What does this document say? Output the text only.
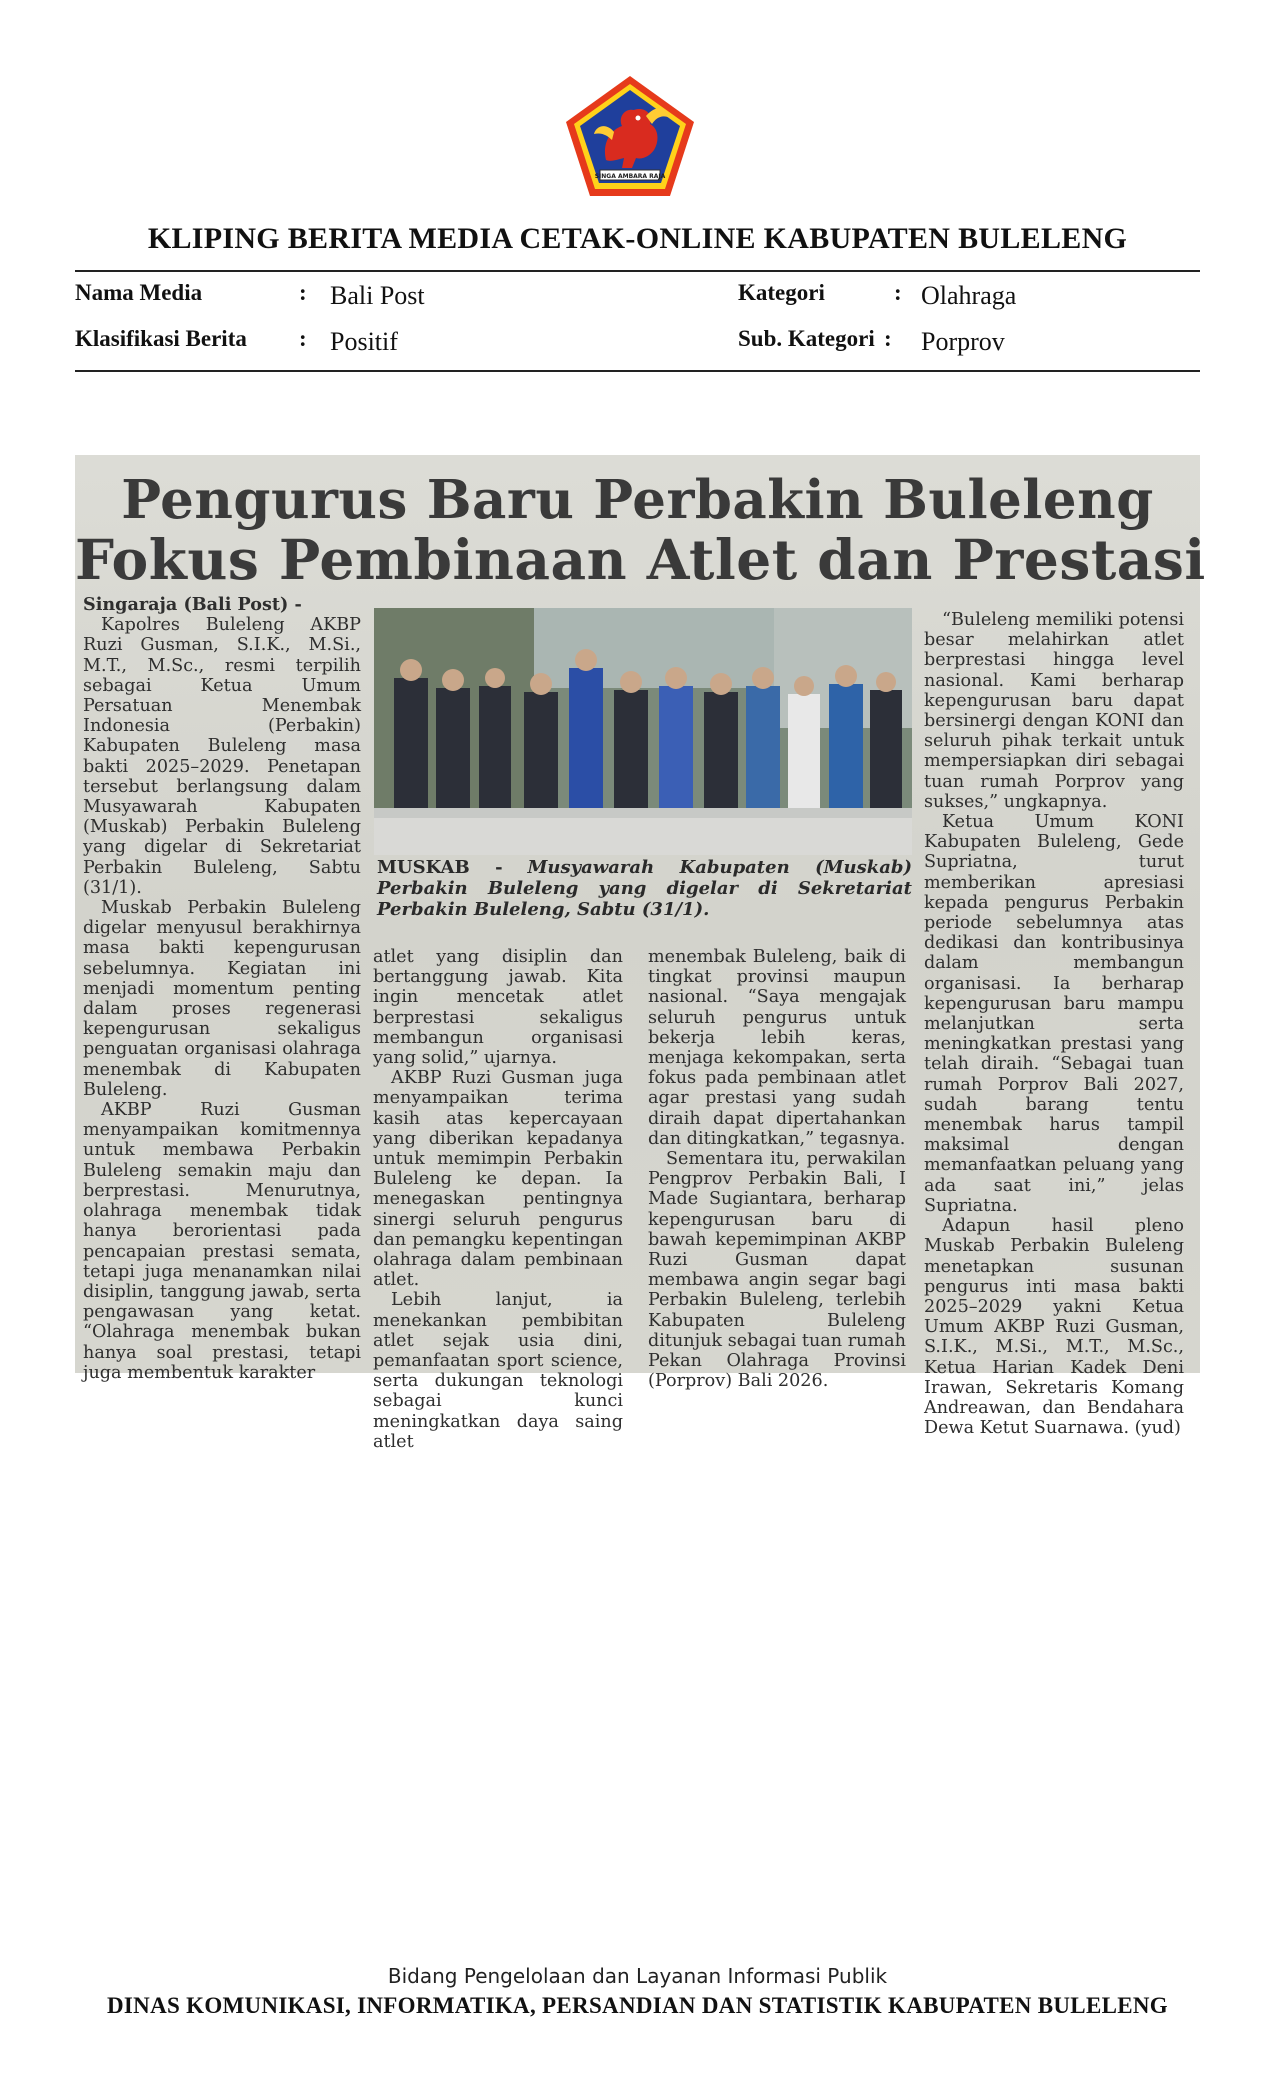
SINGA AMBARA RAJA
KLIPING BERITA MEDIA CETAK-ONLINE KABUPATEN BULELENG
Nama Media	: Bali Post
Klasifikasi Berita : Positif
Kategori	: Olahraga
Sub. Kategori : Porprov
Pengurus Baru Perbakin Buleleng
Fokus Pembinaan Atlet dan Prestasi

Singaraja (Bali Post) -

Kapolres Buleleng AKBP Ruzi Gusman, S.I.K., M.Si., M.T., M.Sc., resmi terpilih sebagai Ketua Umum Persatuan Menembak Indonesia (Perbakin) Kabupaten Buleleng masa bakti 2025–2029. Penetapan tersebut berlangsung dalam Musyawarah Kabupaten (Muskab) Perbakin Buleleng yang digelar di Sekretariat Perbakin Buleleng, Sabtu (31/1).

Muskab Perbakin Buleleng digelar menyusul berakhirnya masa bakti kepengurusan sebelumnya. Kegiatan ini menjadi momentum penting dalam proses regenerasi kepengurusan sekaligus penguatan organisasi olahraga menembak di Kabupaten Buleleng.

AKBP Ruzi Gusman menyampaikan komitmennya untuk membawa Perbakin Buleleng semakin maju dan berprestasi. Menurutnya, olahraga menembak tidak hanya berorientasi pada pencapaian prestasi semata, tetapi juga menanamkan nilai disiplin, tanggung jawab, serta pengawasan yang ketat. “Olahraga menembak bukan hanya soal prestasi, tetapi juga membentuk karakter

MUSKAB - Musyawarah Kabupaten (Muskab) Perbakin Buleleng yang digelar di Sekretariat Perbakin Buleleng, Sabtu (31/1).

atlet yang disiplin dan bertanggung jawab. Kita ingin mencetak atlet berprestasi sekaligus membangun organisasi yang solid,” ujarnya.

AKBP Ruzi Gusman juga menyampaikan terima kasih atas kepercayaan yang diberikan kepadanya untuk memimpin Perbakin Buleleng ke depan. Ia menegaskan pentingnya sinergi seluruh pengurus dan pemangku kepentingan olahraga dalam pembinaan atlet.

Lebih lanjut, ia menekankan pembibitan atlet sejak usia dini, pemanfaatan sport science, serta dukungan teknologi sebagai kunci meningkatkan daya saing atlet

menembak Buleleng, baik di tingkat provinsi maupun nasional. “Saya mengajak seluruh pengurus untuk bekerja lebih keras, menjaga kekompakan, serta fokus pada pembinaan atlet agar prestasi yang sudah diraih dapat dipertahankan dan ditingkatkan,” tegasnya.

Sementara itu, perwakilan Pengprov Perbakin Bali, I Made Sugiantara, berharap kepengurusan baru di bawah kepemimpinan AKBP Ruzi Gusman dapat membawa angin segar bagi Perbakin Buleleng, terlebih Kabupaten Buleleng ditunjuk sebagai tuan rumah Pekan Olahraga Provinsi (Porprov) Bali 2026.

“Buleleng memiliki potensi besar melahirkan atlet berprestasi hingga level nasional. Kami berharap kepengurusan baru dapat bersinergi dengan KONI dan seluruh pihak terkait untuk mempersiapkan diri sebagai tuan rumah Porprov yang sukses,” ungkapnya.

Ketua Umum KONI Kabupaten Buleleng, Gede Supriatna, turut memberikan apresiasi kepada pengurus Perbakin periode sebelumnya atas dedikasi dan kontribusinya dalam membangun organisasi. Ia berharap kepengurusan baru mampu melanjutkan serta meningkatkan prestasi yang telah diraih. “Sebagai tuan rumah Porprov Bali 2027, sudah barang tentu menembak harus tampil maksimal dengan memanfaatkan peluang yang ada saat ini,” jelas Supriatna.

Adapun hasil pleno Muskab Perbakin Buleleng menetapkan susunan pengurus inti masa bakti 2025–2029 yakni Ketua Umum AKBP Ruzi Gusman, S.I.K., M.Si., M.T., M.Sc., Ketua Harian Kadek Deni Irawan, Sekretaris Komang Andreawan, dan Bendahara Dewa Ketut Suarnawa. (yud)

Bidang Pengelolaan dan Layanan Informasi Publik
DINAS KOMUNIKASI, INFORMATIKA, PERSANDIAN DAN STATISTIK KABUPATEN BULELENG
